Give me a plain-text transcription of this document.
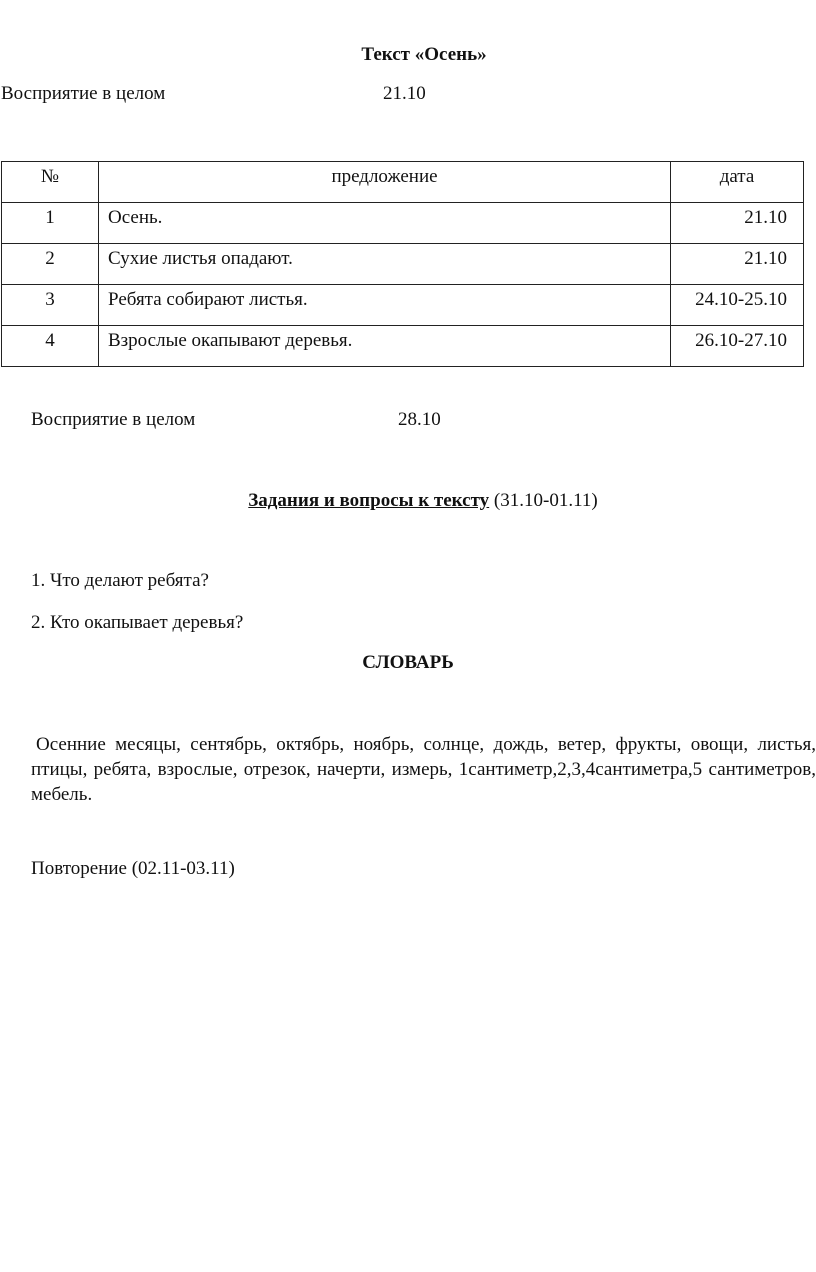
Текст «Осень»
Восприятие в целом	21.10
№	предложение	дата

1	Осень.	21.10

2	Сухие листья опадают.	21.10

3	Ребята собирают листья.	24.10-25.10

4	Взрослые окапывают деревья.	26.10-27.10
Восприятие в целом	28.10
Задания и вопросы к тексту (31.10-01.11)
1. Что делают ребята?
2. Кто окапывает деревья?
СЛОВАРЬ
Осенние месяцы, сентябрь, октябрь, ноябрь, солнце, дождь, ветер, фрукты, овощи, листья, птицы, ребята, взрослые, отрезок, начерти, измерь, 1сантиметр,2,3,4сантиметра,5 сантиметров, мебель.
Повторение (02.11-03.11)
